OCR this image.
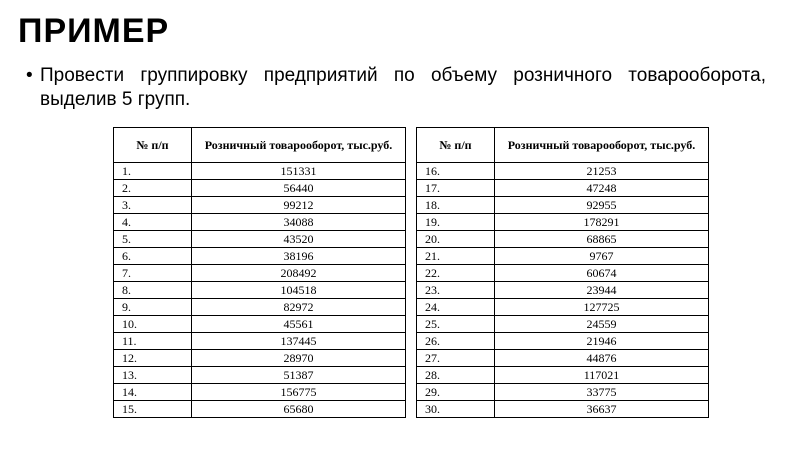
ПРИМЕР
• Провести группировку предприятий по объему розничного товарооборота, выделив 5 групп.
№ п/п	Розничный товарооборот, тыс.руб.		№ п/п	Розничный товарооборот, тыс.руб.
1.	151331		16.	21253
2.	56440		17.	47248
3.	99212		18.	92955
4.	34088		19.	178291
5.	43520		20.	68865
6.	38196		21.	9767
7.	208492		22.	60674
8.	104518		23.	23944
9.	82972		24.	127725
10.	45561		25.	24559
11.	137445		26.	21946
12.	28970		27.	44876
13.	51387		28.	117021
14.	156775		29.	33775
15.	65680		30.	36637
